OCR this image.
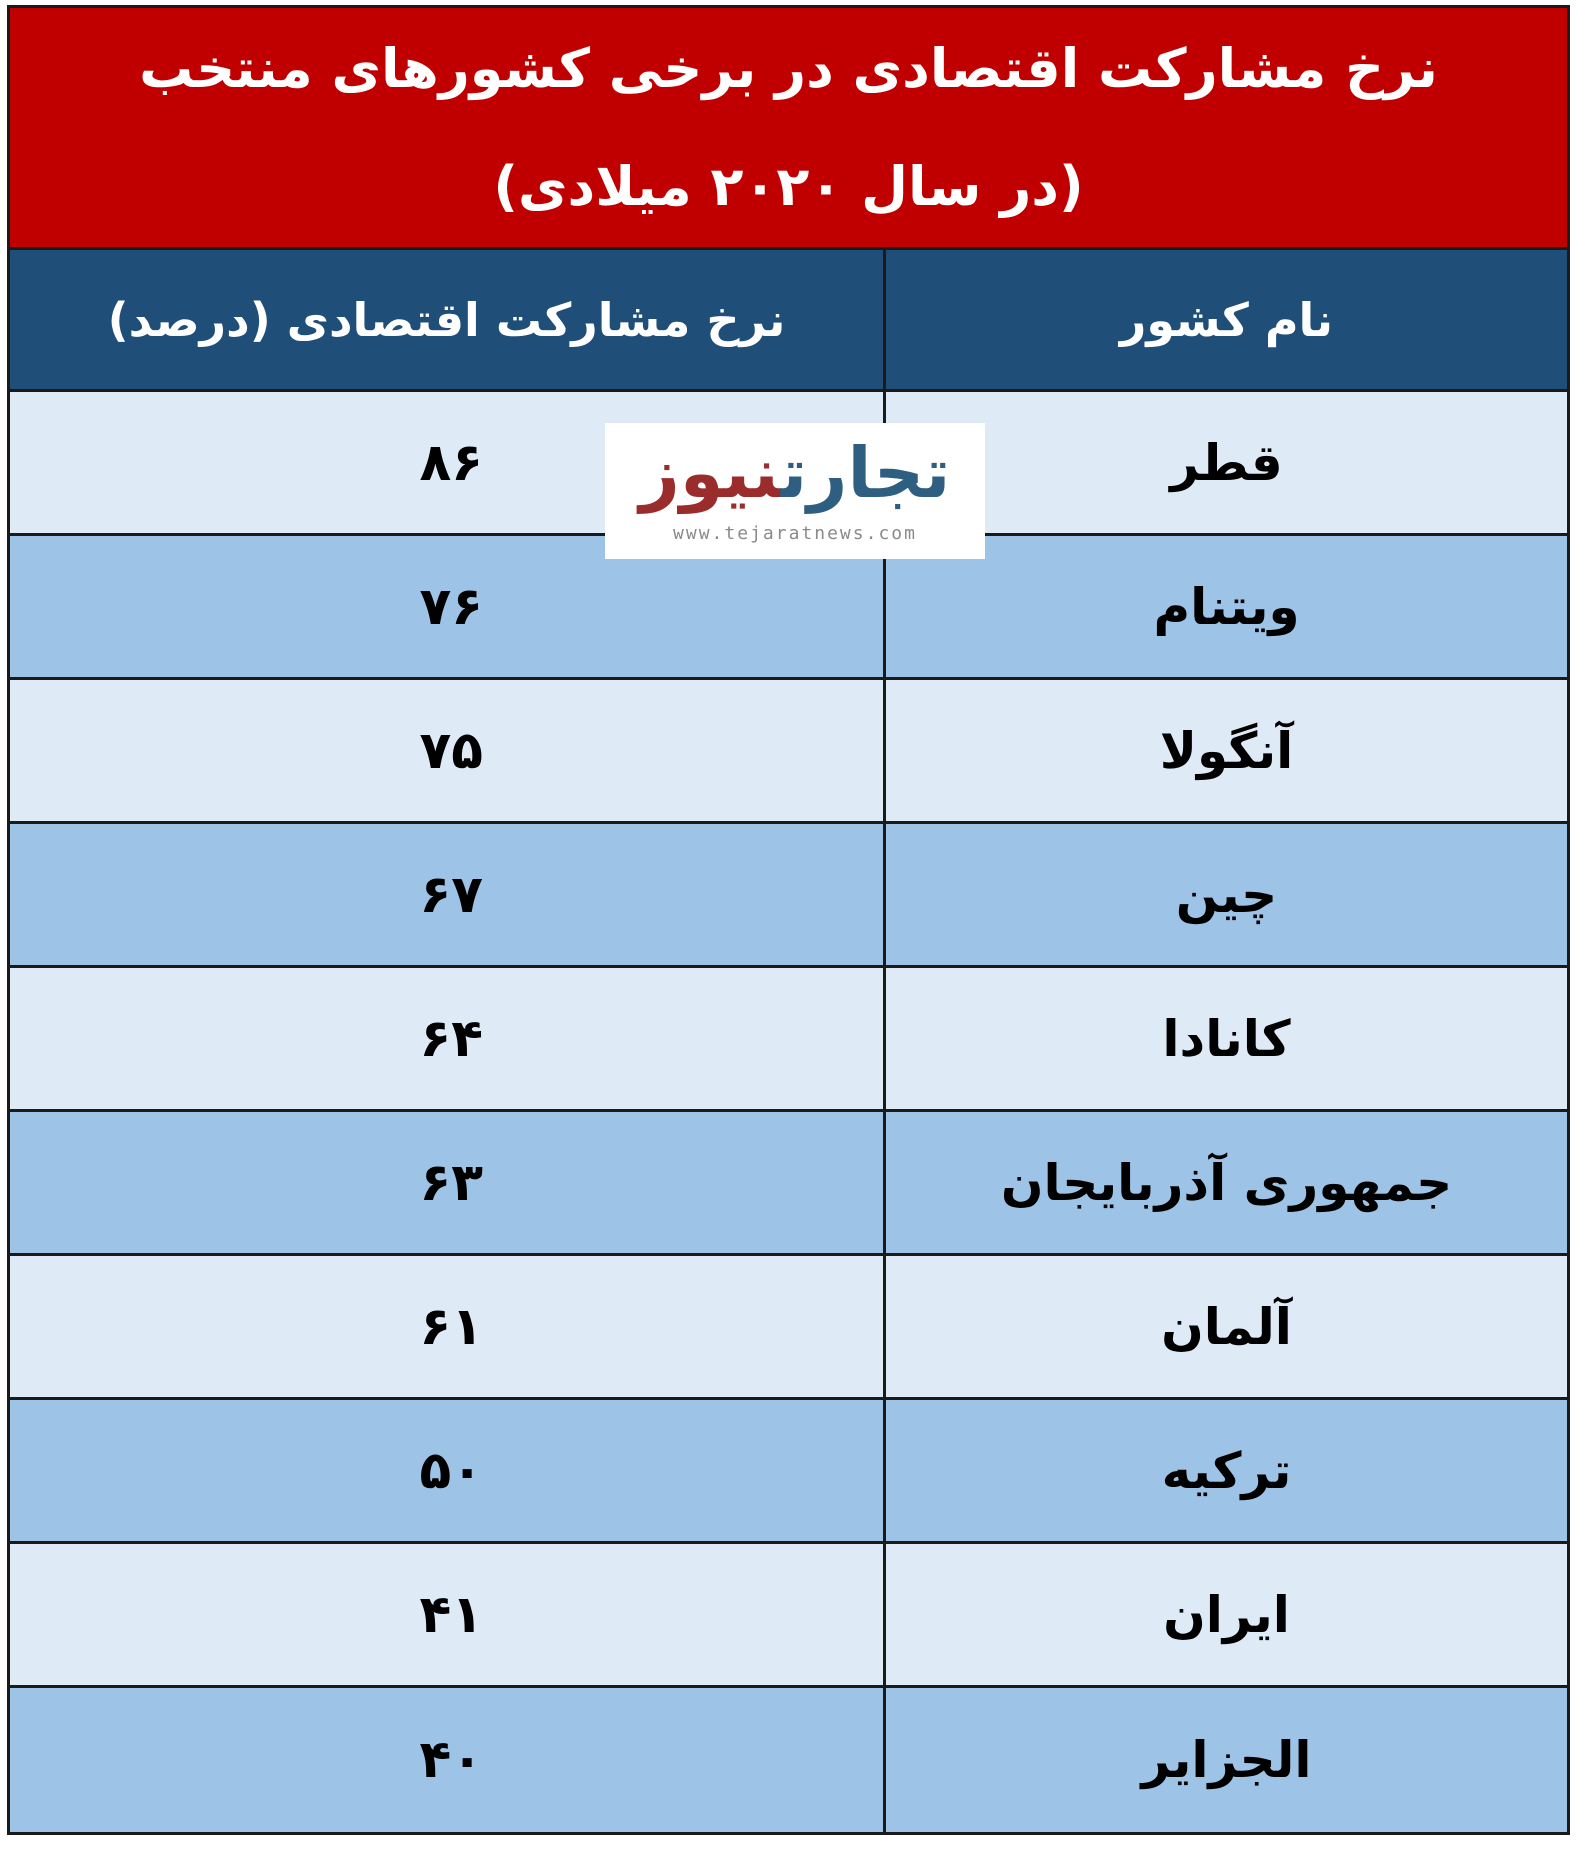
نرخ مشارکت اقتصادی در برخی کشورهای منتخب
(در سال ۲۰۲۰ میلادی)
نام کشور
نرخ مشارکت اقتصادی (درصد)
قطر
۸۶
ویتنام
۷۶
آنگولا
۷۵
چین
۶۷
کانادا
۶۴
جمهوری آذربایجان
۶۳
آلمان
۶۱
ترکیه
۵۰
ایران
۴۱
الجزایر
۴۰
تجارتنیوز
www.tejaratnews.com
